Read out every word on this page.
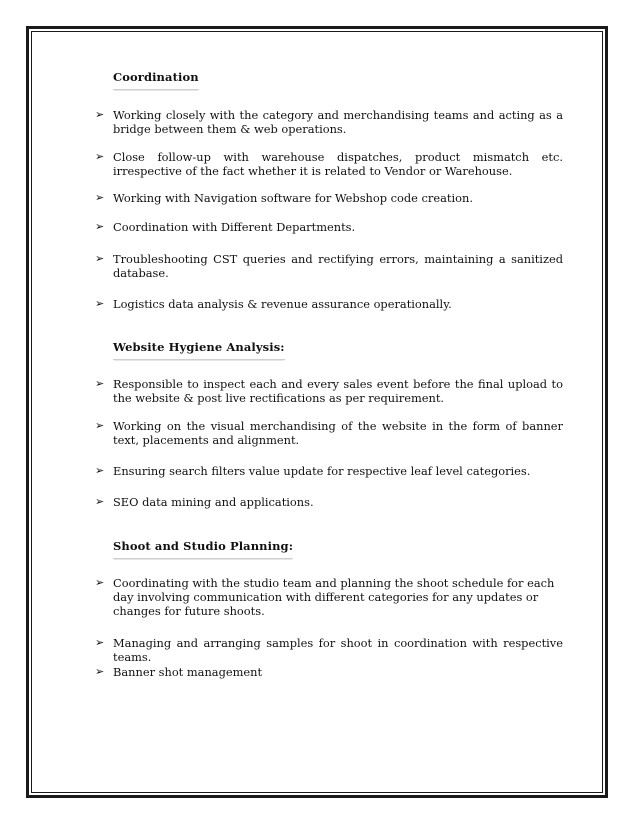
Coordination
➢ Working closely with the category and merchandising teams and acting as a bridge between them & web operations.
➢ Close follow-up with warehouse dispatches, product mismatch etc. irrespective of the fact whether it is related to Vendor or Warehouse.
➢ Working with Navigation software for Webshop code creation.
➢ Coordination with Different Departments.
➢ Troubleshooting CST queries and rectifying errors, maintaining a sanitized database.
➢ Logistics data analysis & revenue assurance operationally.
Website Hygiene Analysis:
➢ Responsible to inspect each and every sales event before the final upload to the website & post live rectifications as per requirement.
➢ Working on the visual merchandising of the website in the form of banner text, placements and alignment.
➢ Ensuring search filters value update for respective leaf level categories.
➢ SEO data mining and applications.
Shoot and Studio Planning:
➢ Coordinating with the studio team and planning the shoot schedule for each day involving communication with different categories for any updates or changes for future shoots.
➢ Managing and arranging samples for shoot in coordination with respective teams.
➢ Banner shot management
